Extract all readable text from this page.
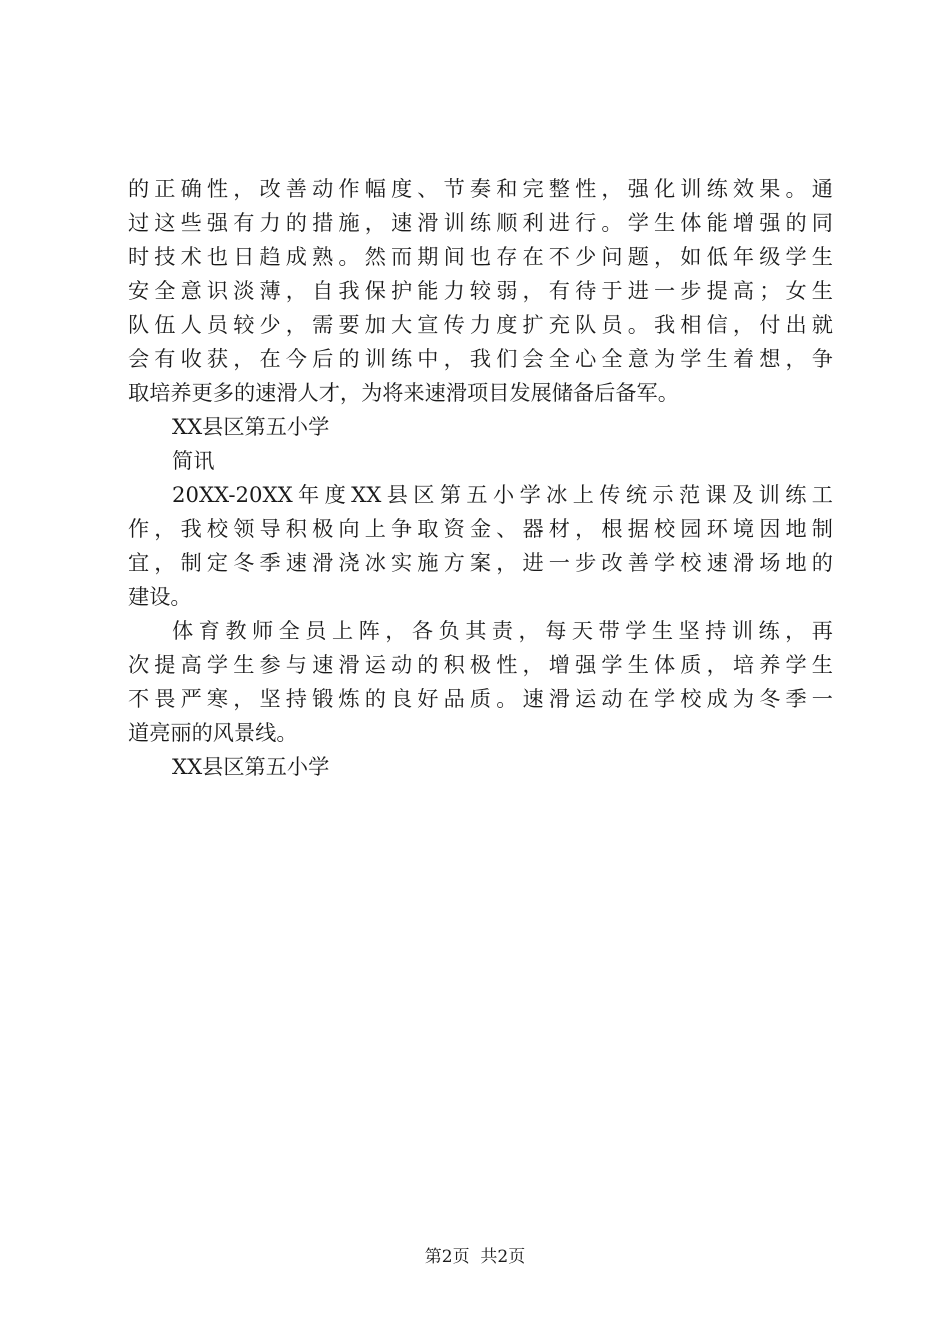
的正确性，改善动作幅度、节奏和完整性，强化训练效果。通
过这些强有力的措施，速滑训练顺利进行。学生体能增强的同
时技术也日趋成熟。然而期间也存在不少问题，如低年级学生
安全意识淡薄，自我保护能力较弱，有待于进一步提高；女生
队伍人员较少，需要加大宣传力度扩充队员。我相信，付出就
会有收获，在今后的训练中，我们会全心全意为学生着想，争
取培养更多的速滑人才，为将来速滑项目发展储备后备军。
XX县区第五小学
简讯
20XX-20XX年度XX县区第五小学冰上传统示范课及训练工
作，我校领导积极向上争取资金、器材，根据校园环境因地制
宜，制定冬季速滑浇冰实施方案，进一步改善学校速滑场地的
建设。
体育教师全员上阵，各负其责，每天带学生坚持训练，再
次提高学生参与速滑运动的积极性，增强学生体质，培养学生
不畏严寒，坚持锻炼的良好品质。速滑运动在学校成为冬季一
道亮丽的风景线。
XX县区第五小学
第2页  共2页
